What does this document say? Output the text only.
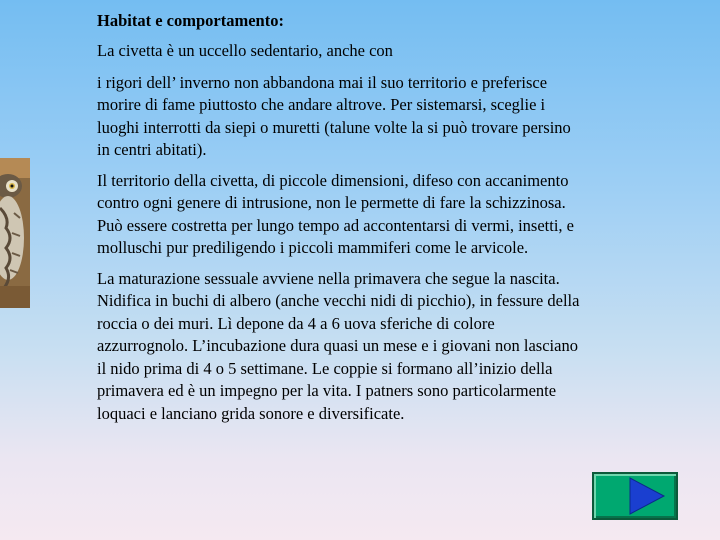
Habitat e comportamento:

La civetta è un uccello sedentario, anche con

i rigori dell’ inverno non abbandona mai il suo territorio e preferisce
morire di fame piuttosto che andare altrove. Per sistemarsi, sceglie i
luoghi interrotti da siepi o muretti (talune volte la si può trovare persino
in centri abitati).

Il territorio della civetta, di piccole dimensioni, difeso con accanimento
contro ogni genere di intrusione, non le permette di fare la schizzinosa.
Può essere costretta per lungo tempo ad accontentarsi di vermi, insetti, e
molluschi pur prediligendo i piccoli mammiferi come le arvicole.

La maturazione sessuale avviene nella primavera che segue la nascita.
Nidifica in buchi di albero (anche vecchi nidi di picchio), in fessure della
roccia o dei muri. Lì depone da 4 a 6 uova sferiche di colore
azzurrognolo. L’incubazione dura quasi un mese e i giovani non lasciano
il nido prima di 4 o 5 settimane. Le coppie si formano all’inizio della
primavera ed è un impegno per la vita. I patners sono particolarmente
loquaci e lanciano grida sonore e diversificate.
